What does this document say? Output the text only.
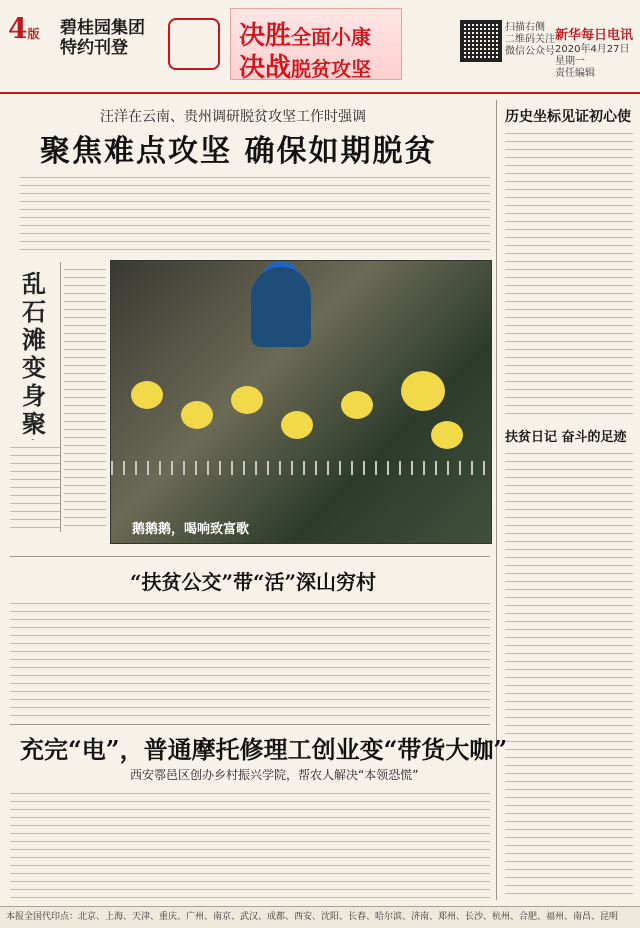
4版 碧桂园集团
特约刊登	决胜全面小康
决战脱贫攻坚
扫描右侧
二维码关注
微信公众号
新华每日电讯
2020年4月27日
星期一
责任编辑
汪洋在云南、贵州调研脱贫攻坚工作时强调
聚焦难点攻坚 确保如期脱贫
历史坐标见证初心使
扶贫日记 奋斗的足迹
乱石滩变身聚
鹅鹅鹅，喝响致富歌
“扶贫公交”带“活”深山穷村
充完“电”，普通摩托修理工创业变“带货大咖”
西安鄠邑区创办乡村振兴学院，帮农人解决“本领恐慌”
本报全国代印点：北京、上海、天津、重庆、广州、南京、武汉、成都、西安、沈阳、长春、哈尔滨、济南、郑州、长沙、杭州、合肥、福州、南昌、昆明
